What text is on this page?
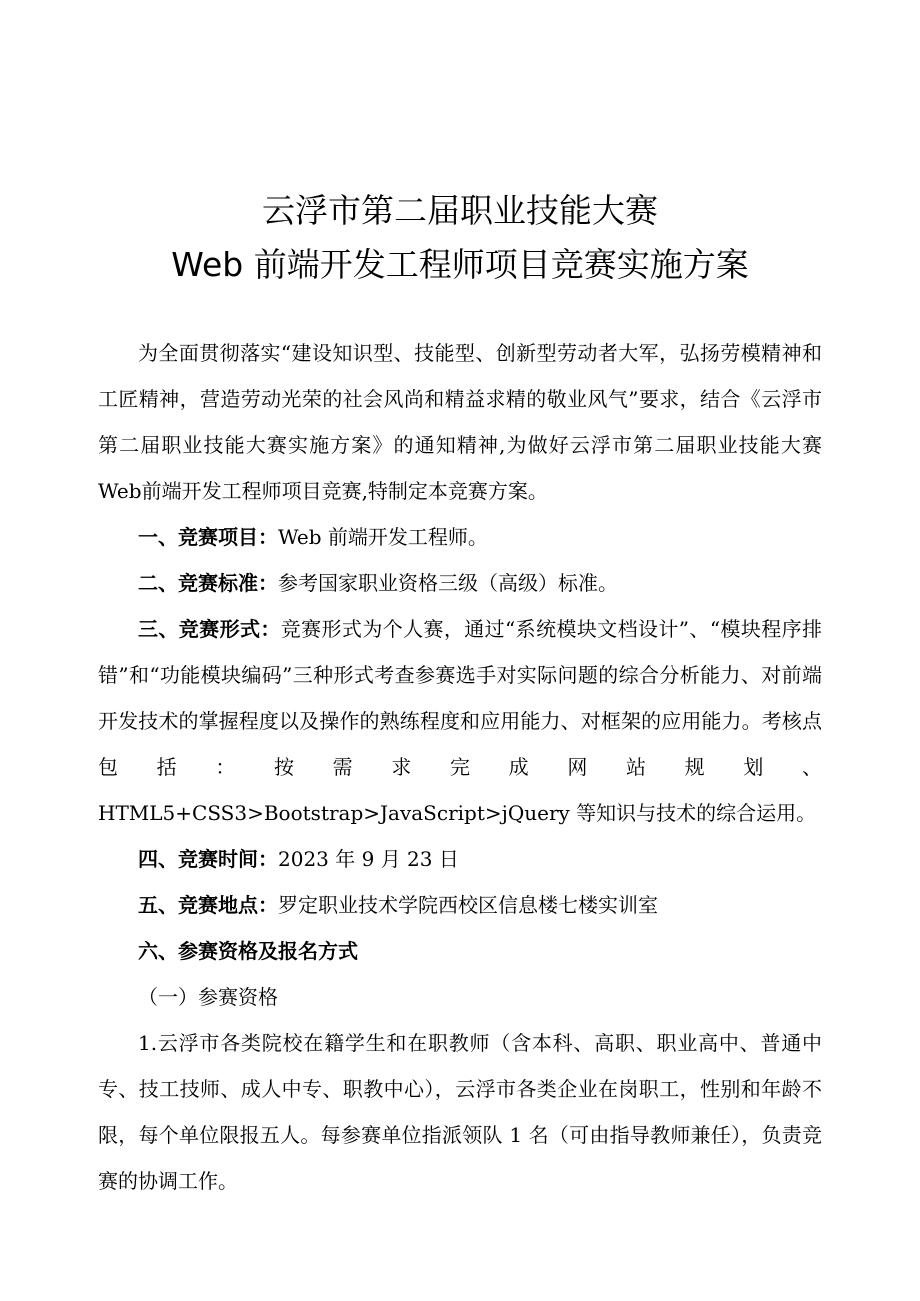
云浮市第二届职业技能大赛
Web 前端开发工程师项目竞赛实施方案

为全面贯彻落实“建设知识型、技能型、创新型劳动者大军，弘扬劳模精神和工匠精神，营造劳动光荣的社会风尚和精益求精的敬业风气”要求，结合《云浮市第二届职业技能大赛实施方案》的通知精神,为做好云浮市第二届职业技能大赛Web前端开发工程师项目竞赛,特制定本竞赛方案。

一、竞赛项目：Web 前端开发工程师。

二、竞赛标准：参考国家职业资格三级（高级）标准。

三、竞赛形式：竞赛形式为个人赛，通过“系统模块文档设计”、“模块程序排错”和“功能模块编码”三种形式考查参赛选手对实际问题的综合分析能力、对前端开发技术的掌握程度以及操作的熟练程度和应用能力、对框架的应用能力。考核点包括：按需求完成网站规划、HTML5+CSS3>Bootstrap>JavaScript>jQuery 等知识与技术的综合运用。

四、竞赛时间：2023 年 9 月 23 日

五、竞赛地点：罗定职业技术学院西校区信息楼七楼实训室

六、参赛资格及报名方式

（一）参赛资格

1.云浮市各类院校在籍学生和在职教师（含本科、高职、职业高中、普通中专、技工技师、成人中专、职教中心），云浮市各类企业在岗职工，性别和年龄不限，每个单位限报五人。每参赛单位指派领队 1 名（可由指导教师兼任），负责竞赛的协调工作。
